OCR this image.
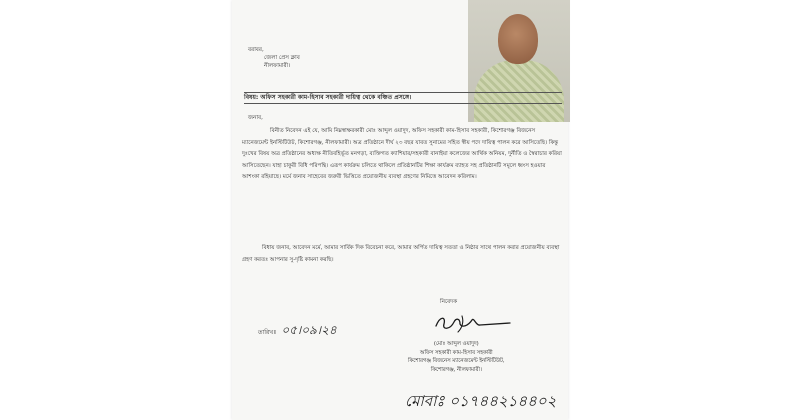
বরাবর,
জেলা প্রেস ক্লাব
নীলফামারী।
বিষয়: অফিস সহকারী কাম-হিসাব সহকারী দায়িত্ব থেকে বঞ্চিত প্রসঙ্গে।
জনাব,
বিনীত নিবেদন এই যে, আমি নিম্নস্বাক্ষরকারী মোঃ আব্দুল ওয়াদুদ, অফিস সহকারী কাম-হিসাব সহকারী, কিশোরগঞ্জ বিজনেস ম্যানেজমেন্ট ইনস্টিটিউট, কিশোরগঞ্জ, নীলফামারী। অত্র প্রতিষ্ঠানে দীর্ঘ ২৩ বছর যাবত সুনামের সহিত স্বীয় পদে দায়িত্ব পালন করে আসিতেছি। কিন্তু দুঃখের বিষয় অত্র প্রতিষ্ঠানের অধ্যক্ষ নীতিবহির্ভূত মনগড়া, ব্যক্তিগত ক্যাশিয়ার/সহকারী বানাইয়া কলেজের আর্থিক অনিয়ম, দুর্নীতি ও স্বৈরাচার করিয়া আসিতেছেন। যাহা চাকুরী বিধি পরিপন্থি। এরূপ কার্যক্রম চলিতে থাকিলে প্রতিষ্ঠানটির শিক্ষা কার্যক্রম ব্যাহত সহ প্রতিষ্ঠানটি সমূলে ধ্বংস হওয়ার আশংকা রহিয়াছে। মর্মে জনাব সাহেবের জরুরী ভিত্তিতে প্রয়োজনীয় ব্যবস্থা গ্রহণের নিমিত্তে আবেদন করিলাম।
বিধায় জনাব, আবেদন মর্মে, আমার সার্বিক দিক বিবেচনা করে, আমার অর্পিত দায়িত্ব সততা ও নিষ্ঠার সাথে পালন করার প্রয়োজনীয় ব্যবস্থা গ্রহণ করতঃ আপনার সু-দৃষ্টি কামনা করছি।
নিবেদক
তারিখঃ ০৫।০৯।২৪
(মোঃ আব্দুল ওয়াদুদ)
অফিস সহকারী কাম-হিসাব সহকারী
কিশোরগঞ্জ বিজনেস ম্যানেজমেন্ট ইনস্টিটিউট,
কিশোরগঞ্জ, নীলফামারী।
মোবাঃ ০১৭৪৪২১৪৪০২
